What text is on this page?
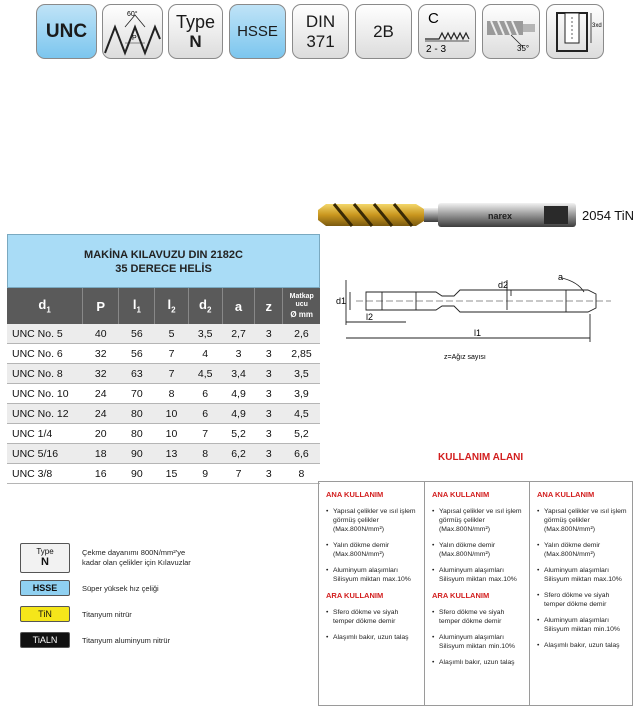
UNC
60°
P
Type
N
HSSE
DIN
371
2B
C
2 - 3	35°
3xd
narex	2054 TiN
MAKİNA KILAVUZU DIN 2182C
35 DERECE HELİS
$d_1$	P	$l_1$	$l_2$	$d_2$	a	z	Matkap ucu
Ø mm

UNC No. 5	40	56	5	3,5	2,7	3	2,6
UNC No. 6	32	56	7	4	3	3	2,85
UNC No. 8	32	63	7	4,5	3,4	3	3,5
UNC No. 10	24	70	8	6	4,9	3	3,9
UNC No. 12	24	80	10	6	4,9	3	4,5
UNC 1/4	20	80	10	7	5,2	3	5,2
UNC 5/16	18	90	13	8	6,2	3	6,6
UNC 3/8	16	90	15	9	7	3	8
d1
d2
a
l2
l1
z=Ağız sayısı
Type
N
Çekme dayanımı 800N/mm²'ye
kadar olan çelikler için Kılavuzlar
HSSE	Süper yüksek hız çeliği
TiN	Titanyum nitrür
TiALN	Titanyum aluminyum nitrür
KULLANIM ALANI
ANA KULLANIM
• Yapısal çelikler ve ısıl işlem görmüş çelikler (Max.800N/mm²)
• Yalın dökme demir (Max.800N/mm²)
• Aluminyum alaşımları Silisyum miktarı max.10%
ARA KULLANIM
• Sfero dökme ve siyah temper dökme demir
• Alaşımlı bakır, uzun talaş
ANA KULLANIM
• Yapısal çelikler ve ısıl işlem görmüş çelikler (Max.800N/mm²)
• Yalın dökme demir (Max.800N/mm²)
• Aluminyum alaşımları Silisyum miktarı max.10%
ARA KULLANIM
• Sfero dökme ve siyah temper dökme demir
• Aluminyum alaşımları Silisyum miktarı min.10%
• Alaşımlı bakır, uzun talaş
ANA KULLANIM
• Yapısal çelikler ve ısıl işlem görmüş çelikler (Max.800N/mm²)
• Yalın dökme demir (Max.800N/mm²)
• Aluminyum alaşımları Silisyum miktarı max.10%
• Sfero dökme ve siyah temper dökme demir
• Aluminyum alaşımları Silisyum miktarı min.10%
• Alaşımlı bakır, uzun talaş
